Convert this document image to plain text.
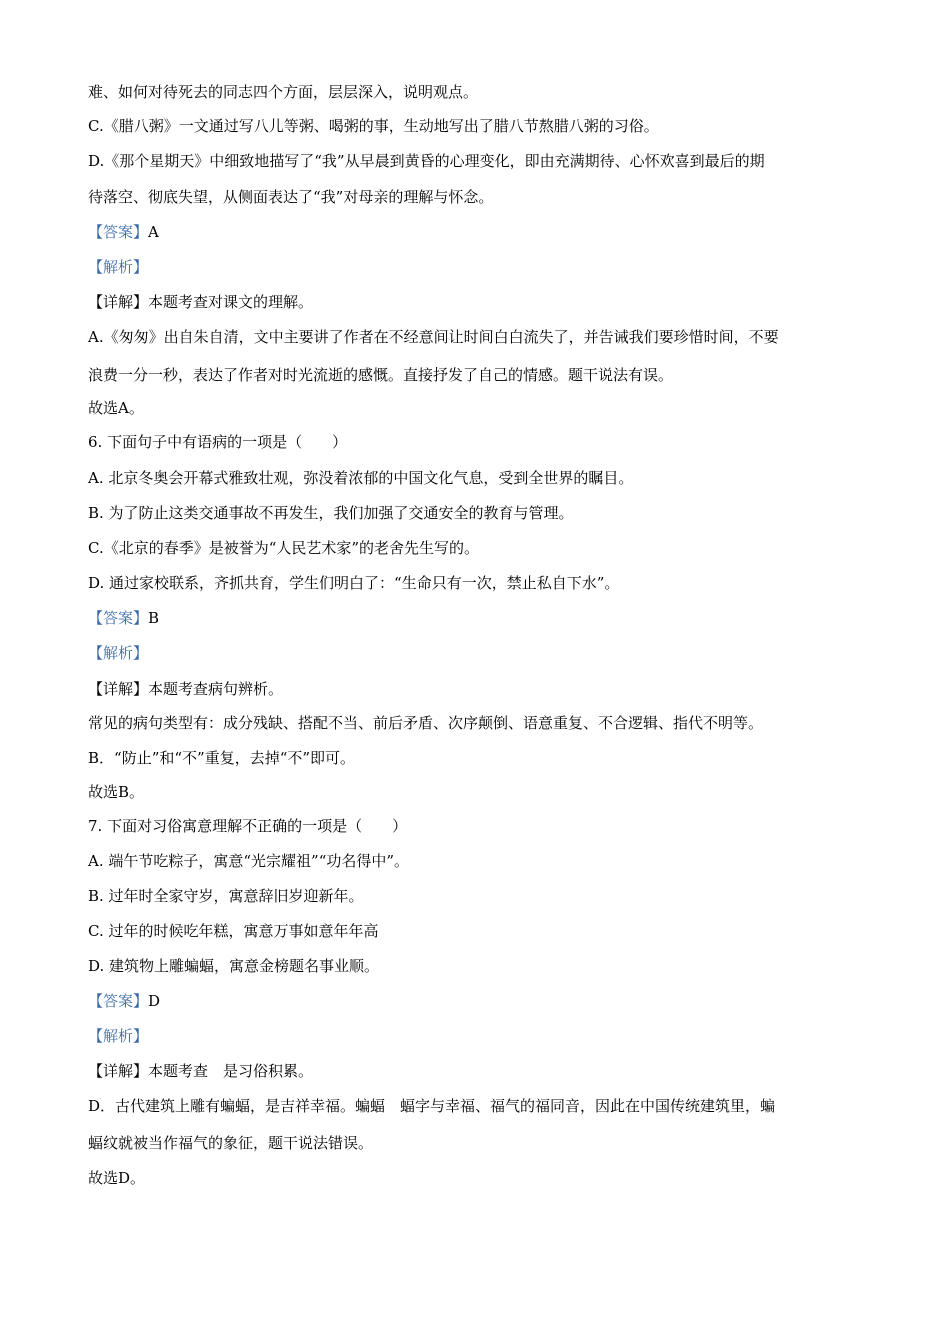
难、如何对待死去的同志四个方面，层层深入，说明观点。
C.《腊八粥》一文通过写八儿等粥、喝粥的事，生动地写出了腊八节熬腊八粥的习俗。
D.《那个星期天》中细致地描写了“我”从早晨到黄昏的心理变化，即由充满期待、心怀欢喜到最后的期
待落空、彻底失望，从侧面表达了“我”对母亲的理解与怀念。
【答案】A
【解析】
【详解】本题考查对课文的理解。
A.《匆匆》出自朱自清，文中主要讲了作者在不经意间让时间白白流失了，并告诫我们要珍惜时间，不要
浪费一分一秒，表达了作者对时光流逝的感慨。直接抒发了自己的情感。题干说法有误。
故选A。
6. 下面句子中有语病的一项是（　　）
A. 北京冬奥会开幕式雅致壮观，弥没着浓郁的中国文化气息，受到全世界的瞩目。
B. 为了防止这类交通事故不再发生，我们加强了交通安全的教育与管理。
C.《北京的春季》是被誉为“人民艺术家”的老舍先生写的。
D. 通过家校联系，齐抓共育，学生们明白了：“生命只有一次，禁止私自下水”。
【答案】B
【解析】
【详解】本题考查病句辨析。
常见的病句类型有：成分残缺、搭配不当、前后矛盾、次序颠倒、语意重复、不合逻辑、指代不明等。
B．“防止”和“不”重复，去掉“不”即可。
故选B。
7. 下面对习俗寓意理解不正确的一项是（　　）
A. 端午节吃粽子，寓意“光宗耀祖”“功名得中”。
B. 过年时全家守岁，寓意辞旧岁迎新年。
C. 过年的时候吃年糕，寓意万事如意年年高
D. 建筑物上雕蝙蝠，寓意金榜题名事业顺。
【答案】D
【解析】
【详解】本题考查　是习俗积累。
D．古代建筑上雕有蝙蝠，是吉祥幸福。蝙蝠　蝠字与幸福、福气的福同音，因此在中国传统建筑里，蝙
蝠纹就被当作福气的象征，题干说法错误。
故选D。
